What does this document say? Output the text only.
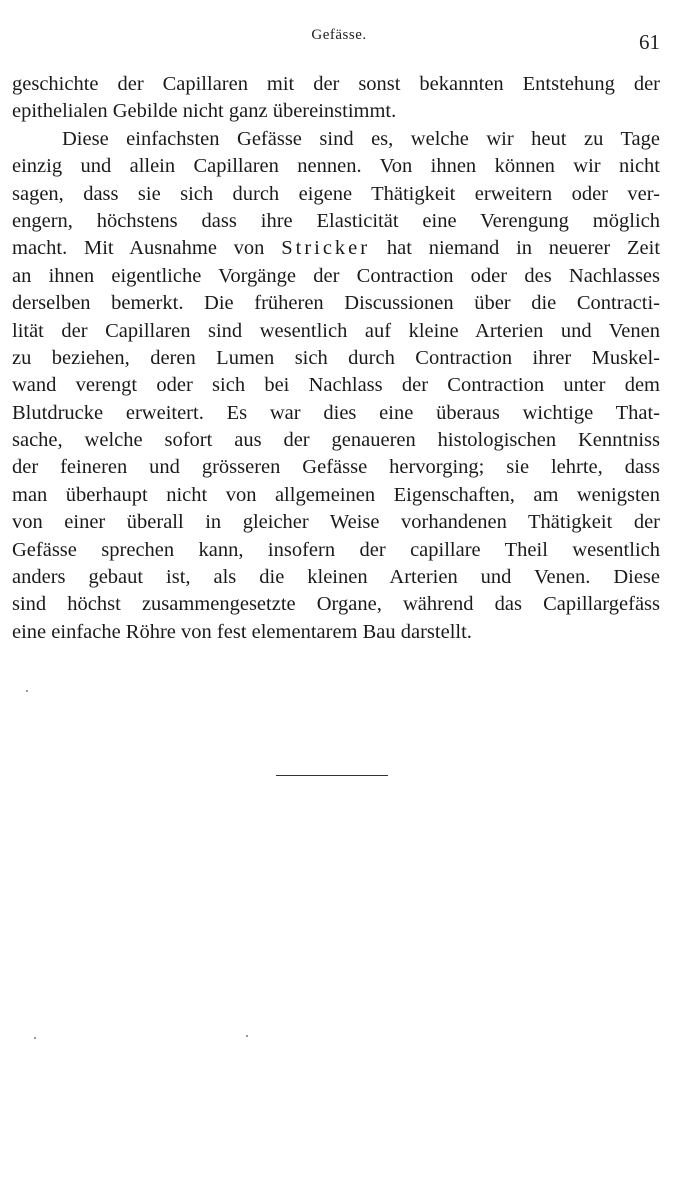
Gefässe.	61
geschichte der Capillaren mit der sonst bekannten Entstehung der
epithelialen Gebilde nicht ganz übereinstimmt.
Diese einfachsten Gefässe sind es, welche wir heut zu Tage
einzig und allein Capillaren nennen. Von ihnen können wir nicht
sagen, dass sie sich durch eigene Thätigkeit erweitern oder ver-
engern, höchstens dass ihre Elasticität eine Verengung möglich
macht. Mit Ausnahme von Stricker hat niemand in neuerer Zeit
an ihnen eigentliche Vorgänge der Contraction oder des Nachlasses
derselben bemerkt. Die früheren Discussionen über die Contracti-
lität der Capillaren sind wesentlich auf kleine Arterien und Venen
zu beziehen, deren Lumen sich durch Contraction ihrer Muskel-
wand verengt oder sich bei Nachlass der Contraction unter dem
Blutdrucke erweitert. Es war dies eine überaus wichtige That-
sache, welche sofort aus der genaueren histologischen Kenntniss
der feineren und grösseren Gefässe hervorging; sie lehrte, dass
man überhaupt nicht von allgemeinen Eigenschaften, am wenigsten
von einer überall in gleicher Weise vorhandenen Thätigkeit der
Gefässe sprechen kann, insofern der capillare Theil wesentlich
anders gebaut ist, als die kleinen Arterien und Venen. Diese
sind höchst zusammengesetzte Organe, während das Capillargefäss
eine einfache Röhre von fest elementarem Bau darstellt.
